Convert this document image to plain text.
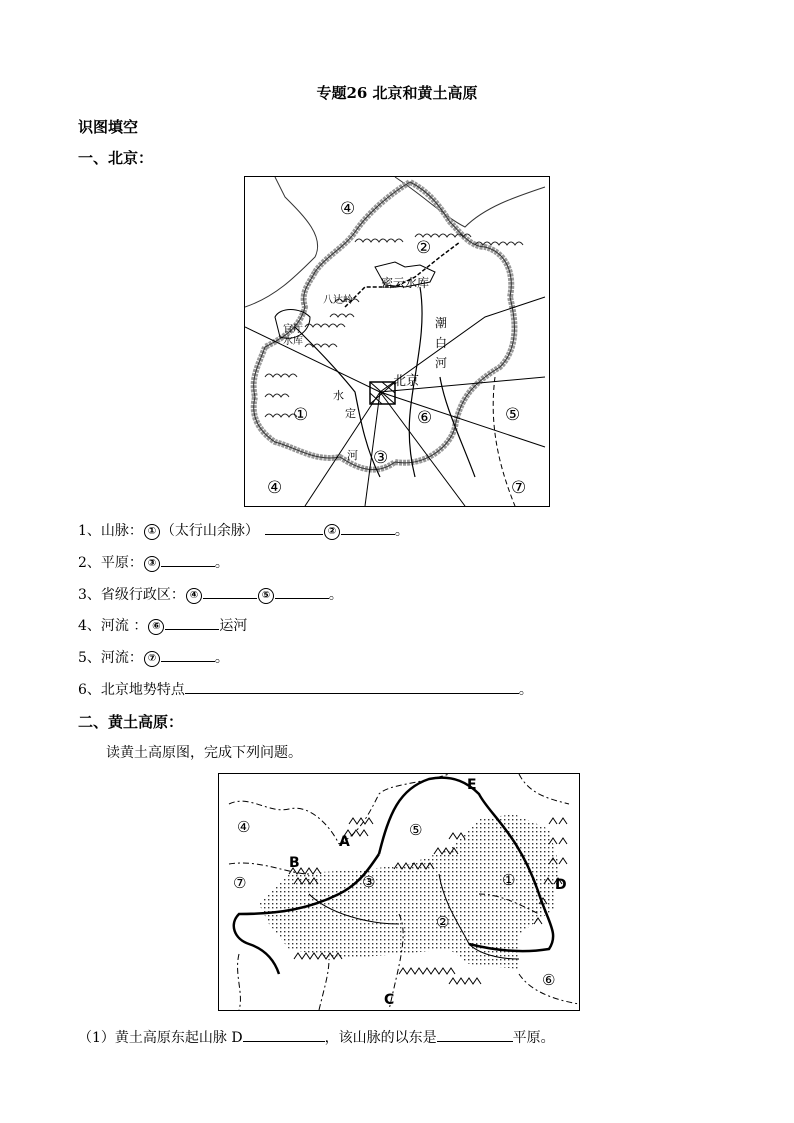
专题26 北京和黄土高原
识图填空
一、北京：
④
②
密云水库
八达岭
官厅
水库
北京
潮
白
河
水
定
河
①	⑥	⑤
③
④	⑦
1、山脉： ① （太行山余脉）	②	。
2、平原： ③	。
3、省级行政区： ④	⑤	。
4、河流 ： ⑥	运河
5、河流： ⑦	。
6、北京地势特点	。
二、黄土高原：
读黄土高原图，完成下列问题。
④
⑦
A
B
⑤
E
③	①	D
②
⑥
C
（1）黄土高原东起山脉 D	，该山脉的以东是	平原。
